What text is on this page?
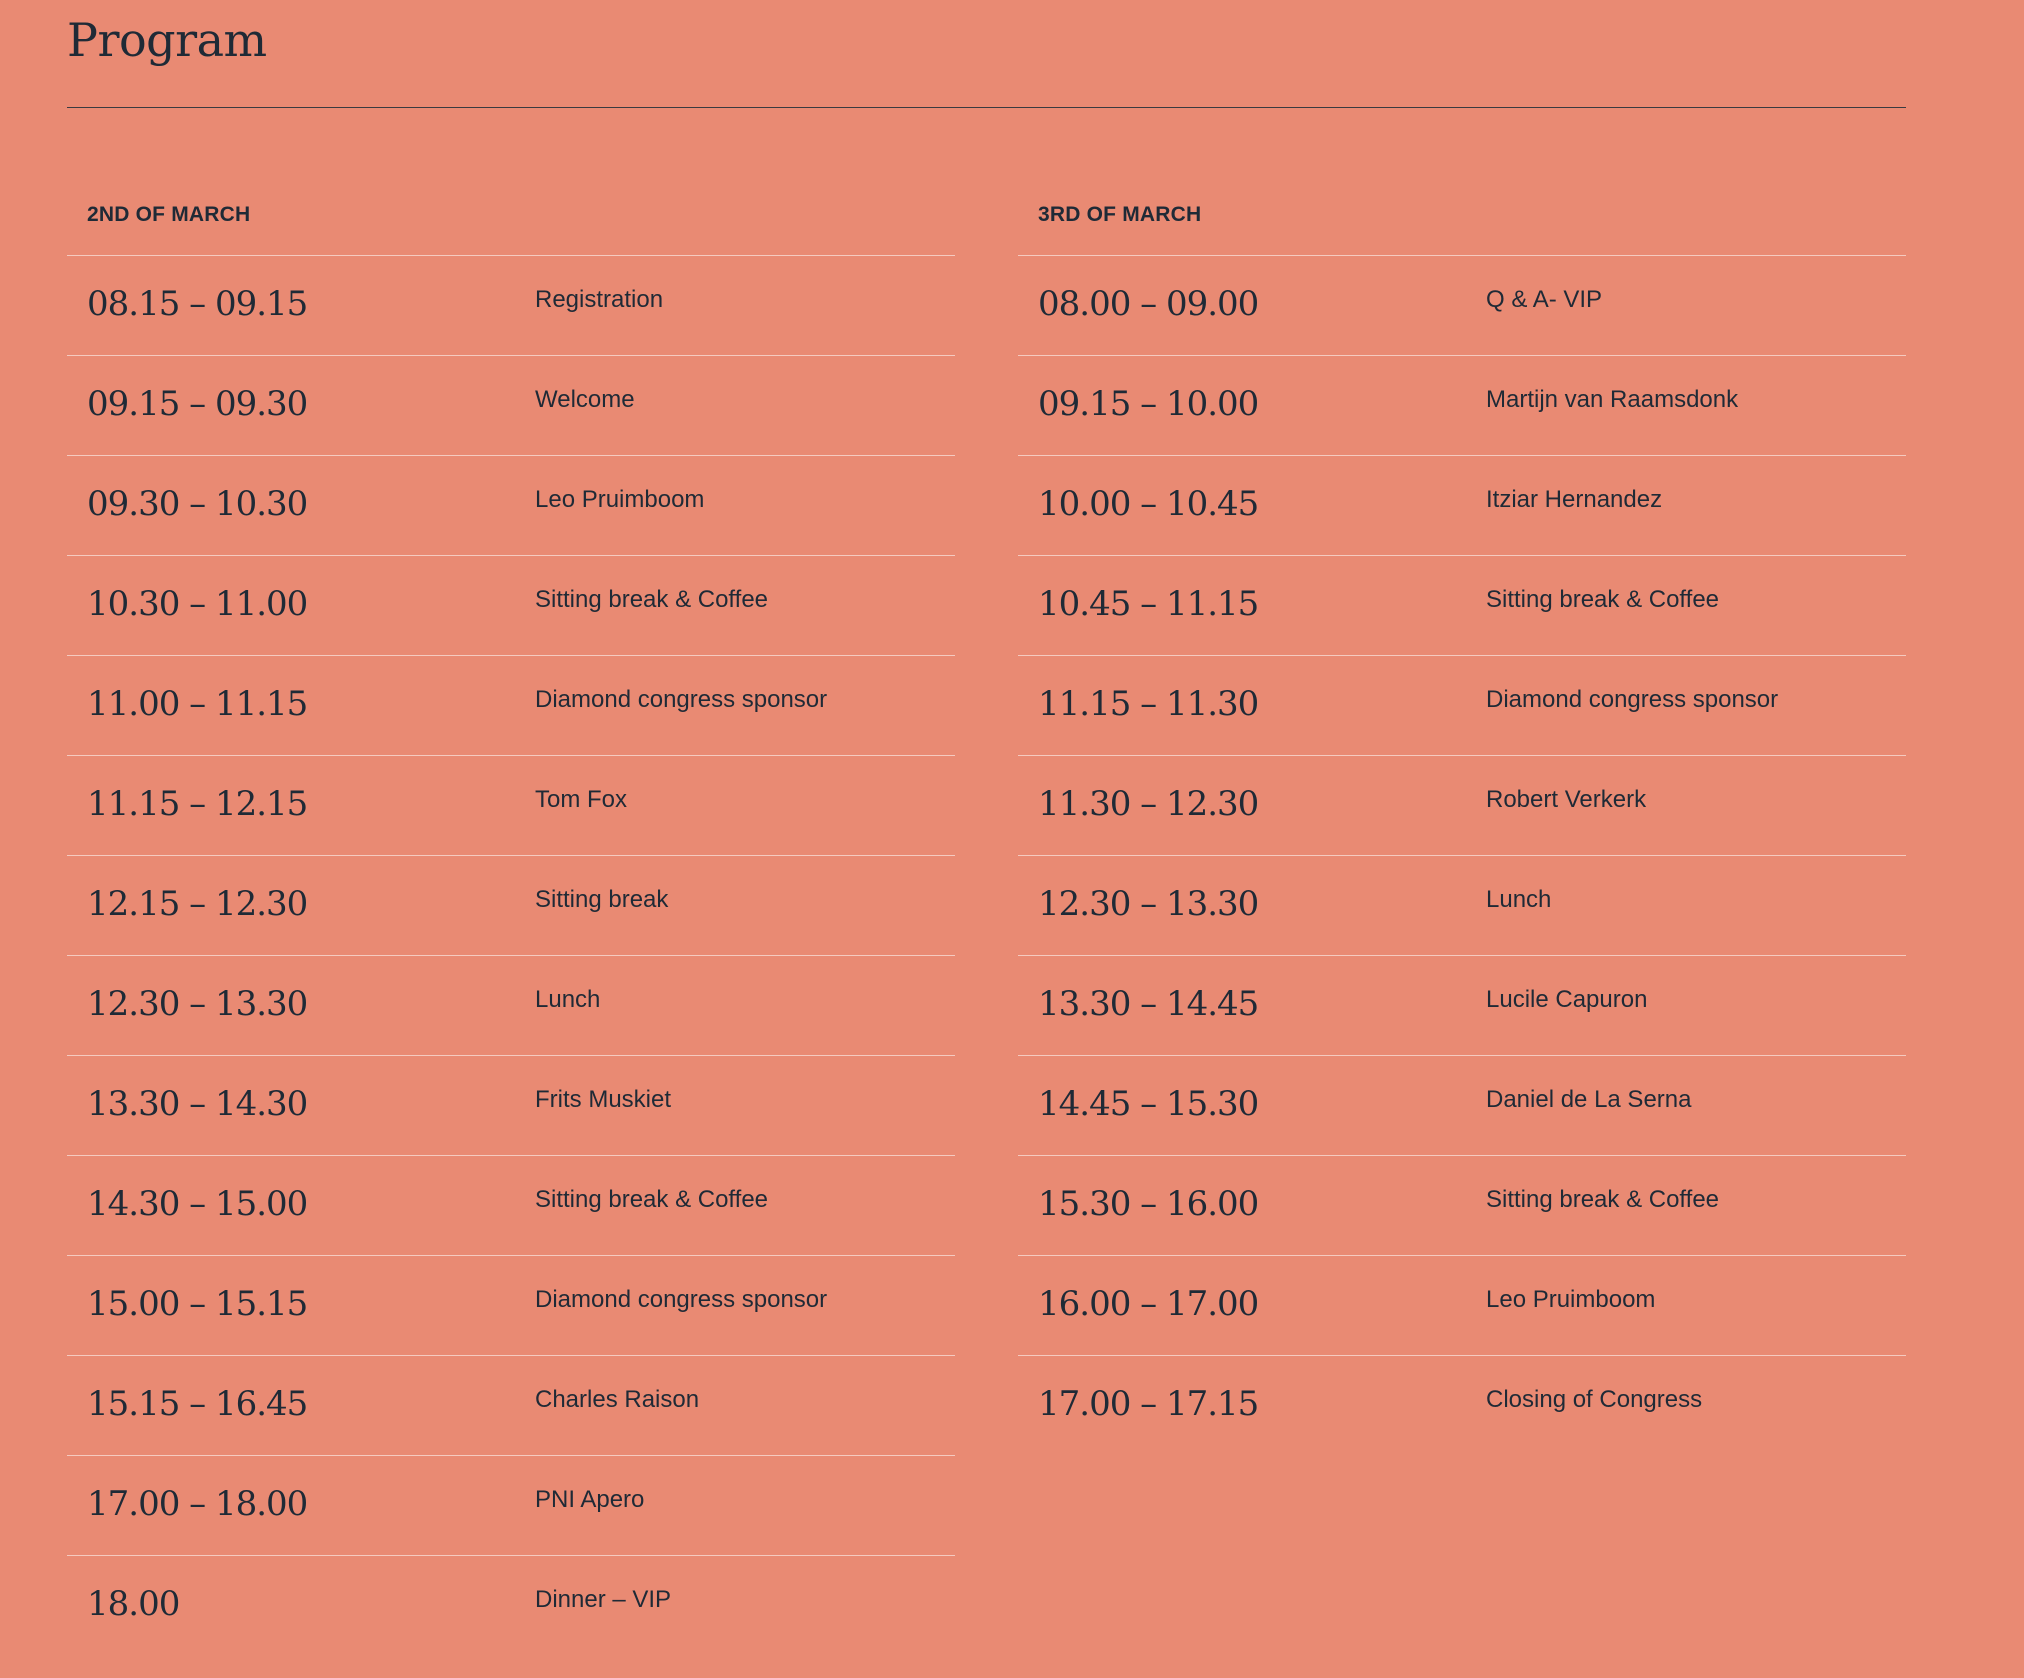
Program
2ND OF MARCH
08.15 – 09.15	Registration
09.15 – 09.30	Welcome
09.30 – 10.30	Leo Pruimboom
10.30 – 11.00	Sitting break & Coffee
11.00 – 11.15	Diamond congress sponsor
11.15 – 12.15	Tom Fox
12.15 – 12.30	Sitting break
12.30 – 13.30	Lunch
13.30 – 14.30	Frits Muskiet
14.30 – 15.00	Sitting break & Coffee
15.00 – 15.15	Diamond congress sponsor
15.15 – 16.45	Charles Raison
17.00 – 18.00	PNI Apero
18.00	Dinner – VIP
3RD OF MARCH
08.00 – 09.00	Q & A- VIP
09.15 – 10.00	Martijn van Raamsdonk
10.00 – 10.45	Itziar Hernandez
10.45 – 11.15	Sitting break & Coffee
11.15 – 11.30	Diamond congress sponsor
11.30 – 12.30	Robert Verkerk
12.30 – 13.30	Lunch
13.30 – 14.45	Lucile Capuron
14.45 – 15.30	Daniel de La Serna
15.30 – 16.00	Sitting break & Coffee
16.00 – 17.00	Leo Pruimboom
17.00 – 17.15	Closing of Congress
